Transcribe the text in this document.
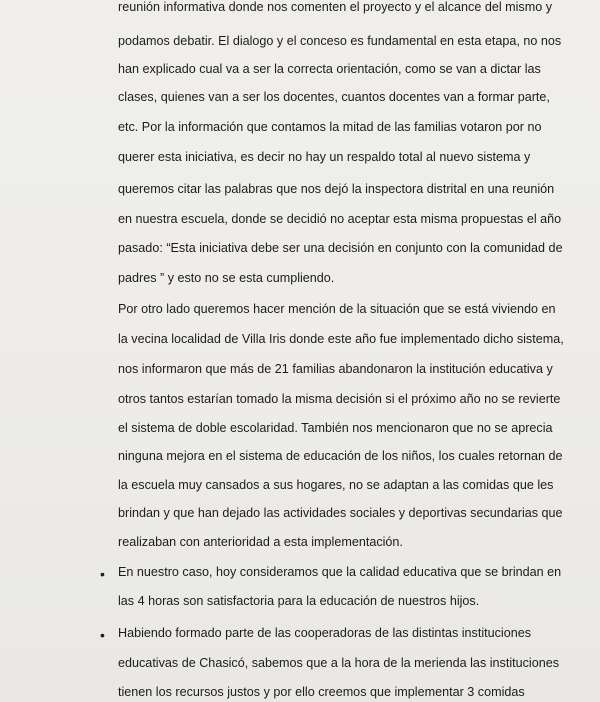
reunión informativa donde nos comenten el proyecto y el alcance del mismo y
podamos debatir. El dialogo y el conceso es fundamental en esta etapa, no nos
han explicado cual va a ser la correcta orientación, como se van a dictar las
clases, quienes van a ser los docentes, cuantos docentes van a formar parte,
etc. Por la información que contamos la mitad de las familias votaron por no
querer esta iniciativa, es decir no hay un respaldo total al nuevo sistema y
queremos citar las palabras que nos dejó la inspectora distrital en una reunión
en nuestra escuela, donde se decidió no aceptar esta misma propuestas el año
pasado: “Esta iniciativa debe ser una decisión en conjunto con la comunidad de
padres ” y esto no se esta cumpliendo.
Por otro lado queremos hacer mención de la situación que se está viviendo en
la vecina localidad de Villa Iris donde este año fue implementado dicho sistema,
nos informaron que más de 21 familias abandonaron la institución educativa y
otros tantos estarían tomado la misma decisión si el próximo año no se revierte
el sistema de doble escolaridad. También nos mencionaron que no se aprecia
ninguna mejora en el sistema de educación de los niños, los cuales retornan de
la escuela muy cansados a sus hogares, no se adaptan a las comidas que les
brindan y que han dejado las actividades sociales y deportivas secundarias que
realizaban con anterioridad a esta implementación.
• En nuestro caso, hoy consideramos que la calidad educativa que se brindan en
las 4 horas son satisfactoria para la educación de nuestros hijos.
• Habiendo formado parte de las cooperadoras de las distintas instituciones
educativas de Chasicó, sabemos que a la hora de la merienda las instituciones
tienen los recursos justos y por ello creemos que implementar 3 comidas
